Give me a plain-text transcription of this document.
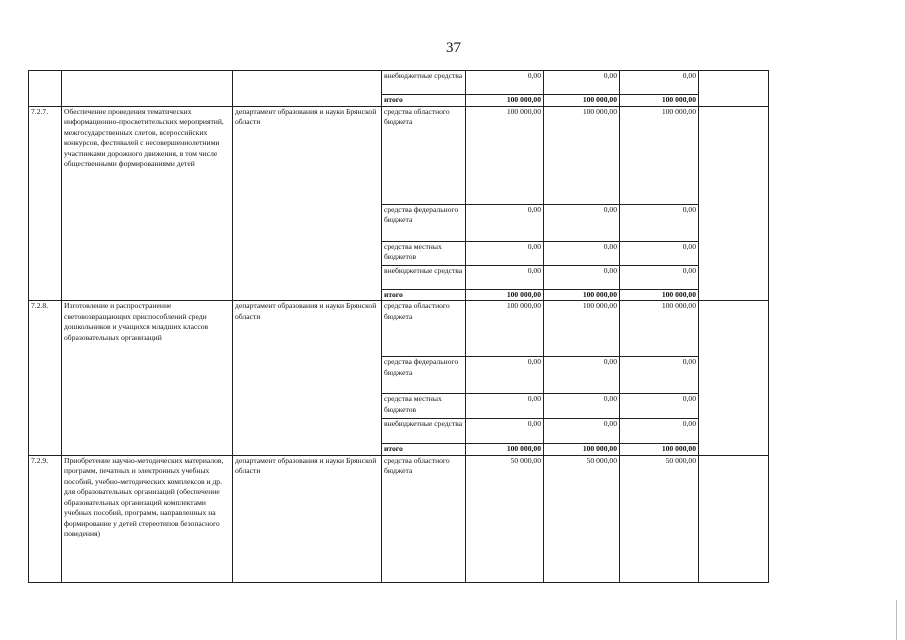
37
			внебюджетные средства	0,00	0,00	0,00	
			итого	100 000,00	100 000,00	100 000,00	
7.2.7.	Обеспечение проведения тематических информационно-просветительских мероприятий, межгосударственных слетов, всероссийских конкурсов, фестивалей с несовершеннолетними участниками дорожного движения, в том числе общественными формированиями детей	департамент образования и науки Брянской области	средства областного бюджета	100 000,00	100 000,00	100 000,00	
			средства федерального бюджета	0,00	0,00	0,00	
			средства местных бюджетов	0,00	0,00	0,00	
			внебюджетные средства	0,00	0,00	0,00	
			итого	100 000,00	100 000,00	100 000,00	
7.2.8.	Изготовление и распространение световозвращающих приспособлений среди дошкольников и учащихся младших классов образовательных организаций	департамент образования и науки Брянской области	средства областного бюджета	100 000,00	100 000,00	100 000,00	
			средства федерального бюджета	0,00	0,00	0,00	
			средства местных бюджетов	0,00	0,00	0,00	
			внебюджетные средства	0,00	0,00	0,00	
			итого	100 000,00	100 000,00	100 000,00	
7.2.9.	Приобретение научно-методических материалов, программ, печатных и электронных учебных пособий, учебно-методических комплексов и др. для образовательных организаций (обеспечение образовательных организаций комплектами учебных пособий, программ, направленных на формирование у детей стереотипов безопасного поведения)	департамент образования и науки Брянской области	средства областного бюджета	50 000,00	50 000,00	50 000,00	
